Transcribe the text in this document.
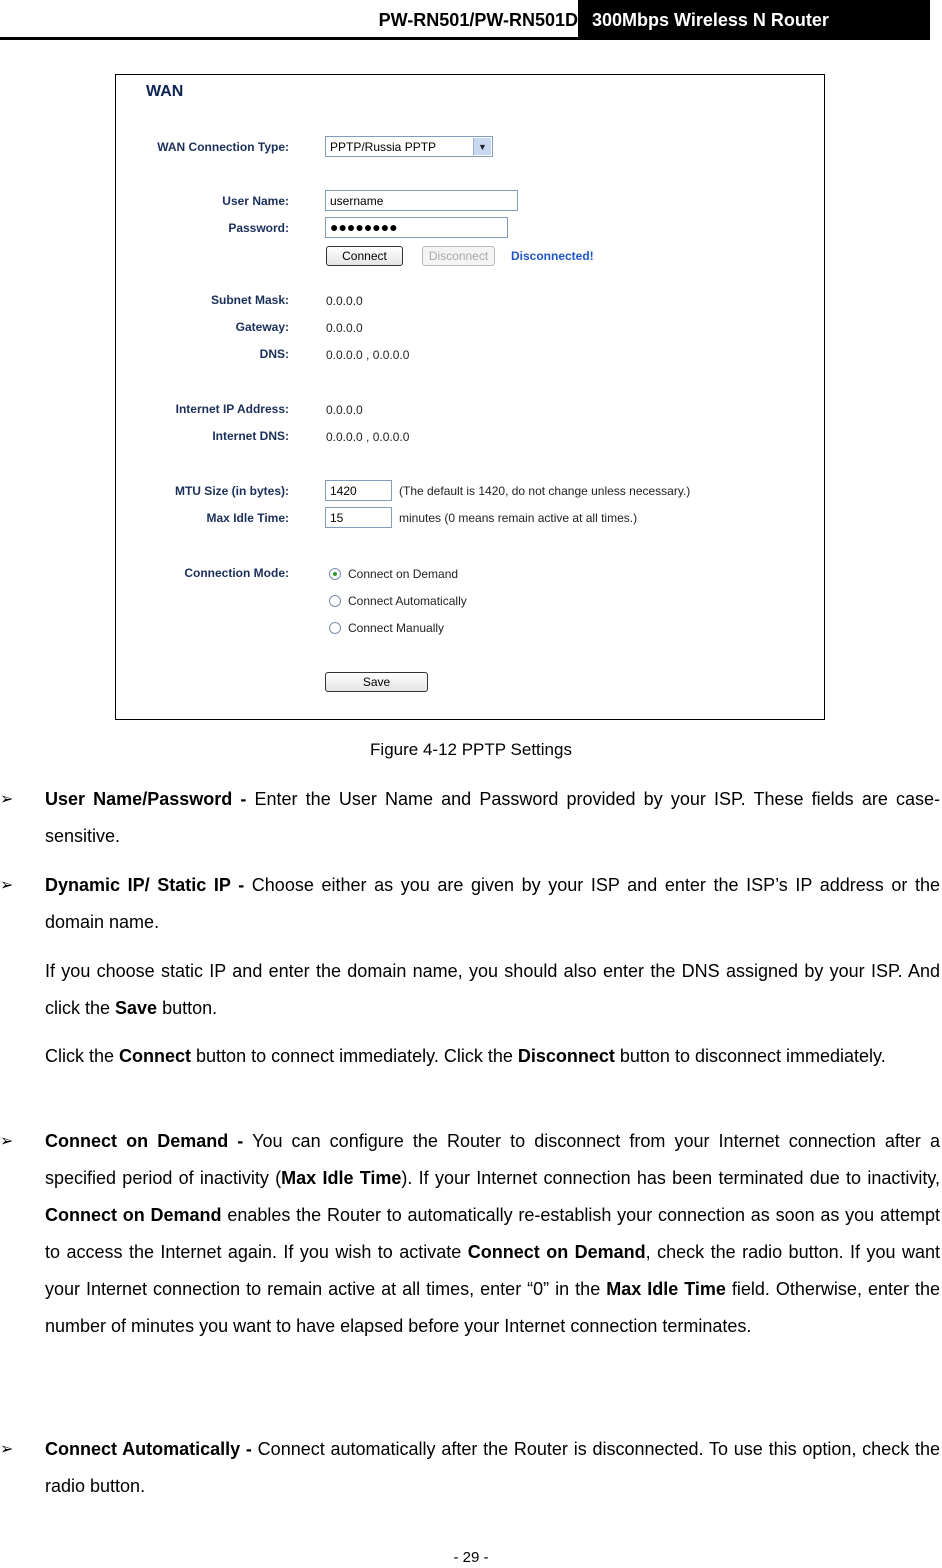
PW-RN501/PW-RN501D 300Mbps Wireless N Router
WAN
WAN Connection Type:	PPTP/Russia PPTP	▼
User Name:	username
Password:	●●●●●●●●
Connect	Disconnect	Disconnected!
Subnet Mask:	0.0.0.0
Gateway:	0.0.0.0
DNS:	0.0.0.0 , 0.0.0.0
Internet IP Address:	0.0.0.0
Internet DNS:	0.0.0.0 , 0.0.0.0
MTU Size (in bytes):	1420	(The default is 1420, do not change unless necessary.)
Max Idle Time:	15	minutes (0 means remain active at all times.)
Connection Mode:	Connect on Demand
Connect Automatically
Connect Manually
Save
Figure 4-12 PPTP Settings
➢ User Name/Password - Enter the User Name and Password provided by your ISP. These fields are case-sensitive.

➢ Dynamic IP/ Static IP - Choose either as you are given by your ISP and enter the ISP’s IP address or the domain name.

If you choose static IP and enter the domain name, you should also enter the DNS assigned by your ISP. And click the Save button.

Click the Connect button to connect immediately. Click the Disconnect button to disconnect immediately.

➢ Connect on Demand - You can configure the Router to disconnect from your Internet connection after a specified period of inactivity (Max Idle Time). If your Internet connection has been terminated due to inactivity, Connect on Demand enables the Router to automatically re-establish your connection as soon as you attempt to access the Internet again. If you wish to activate Connect on Demand, check the radio button. If you want your Internet connection to remain active at all times, enter “0” in the Max Idle Time field. Otherwise, enter the number of minutes you want to have elapsed before your Internet connection terminates.

➢ Connect Automatically - Connect automatically after the Router is disconnected. To use this option, check the radio button.

- 29 -
